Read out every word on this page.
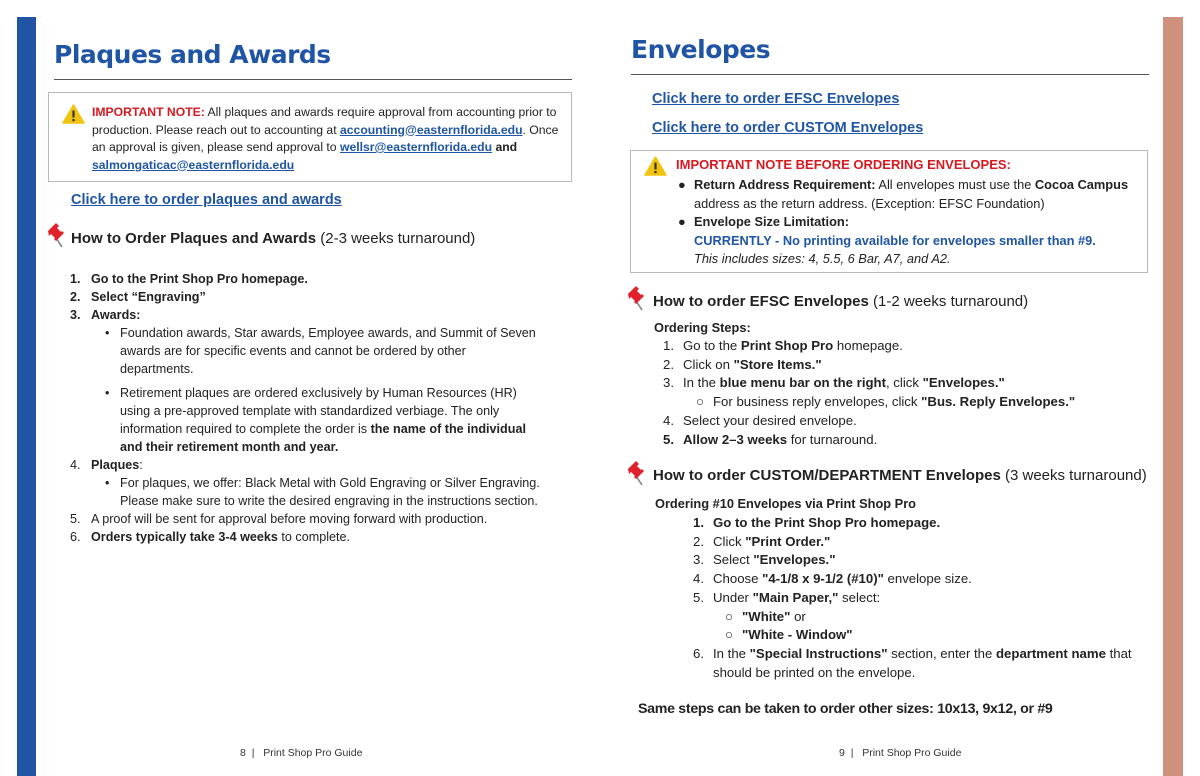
Plaques and Awards
IMPORTANT NOTE: All plaques and awards require approval from accounting prior to production. Please reach out to accounting at accounting@easternflorida.edu. Once an approval is given, please send approval to wellsr@easternflorida.edu and salmongaticac@easternflorida.edu
Click here to order plaques and awards
How to Order Plaques and Awards (2-3 weeks turnaround)
1. Go to the Print Shop Pro homepage.
2. Select “Engraving”
3. Awards:
• Foundation awards, Star awards, Employee awards, and Summit of Seven awards are for specific events and cannot be ordered by other departments.
• Retirement plaques are ordered exclusively by Human Resources (HR) using a pre-approved template with standardized verbiage. The only information required to complete the order is the name of the individual and their retirement month and year.
4. Plaques:
• For plaques, we offer: Black Metal with Gold Engraving or Silver Engraving. Please make sure to write the desired engraving in the instructions section.
5. A proof will be sent for approval before moving forward with production.
6. Orders typically take 3-4 weeks to complete.
8 | Print Shop Pro Guide
Envelopes
Click here to order EFSC Envelopes
Click here to order CUSTOM Envelopes
IMPORTANT NOTE BEFORE ORDERING ENVELOPES:
● Return Address Requirement: All envelopes must use the Cocoa Campus
address as the return address. (Exception: EFSC Foundation)
● Envelope Size Limitation:
CURRENTLY - No printing available for envelopes smaller than #9.
This includes sizes: 4, 5.5, 6 Bar, A7, and A2.
How to order EFSC Envelopes (1-2 weeks turnaround)
Ordering Steps:
1. Go to the Print Shop Pro homepage.
2. Click on "Store Items."
3. In the blue menu bar on the right, click "Envelopes."
○ For business reply envelopes, click "Bus. Reply Envelopes."
4. Select your desired envelope.
5. Allow 2–3 weeks for turnaround.
How to order CUSTOM/DEPARTMENT Envelopes (3 weeks turnaround)
Ordering #10 Envelopes via Print Shop Pro
1. Go to the Print Shop Pro homepage.
2. Click "Print Order."
3. Select "Envelopes."
4. Choose "4-1/8 x 9-1/2 (#10)" envelope size.
5. Under "Main Paper," select:
○ "White" or
○ "White - Window"
6. In the "Special Instructions" section, enter the department name that
should be printed on the envelope.
Same steps can be taken to order other sizes: 10x13, 9x12, or #9
9 | Print Shop Pro Guide
